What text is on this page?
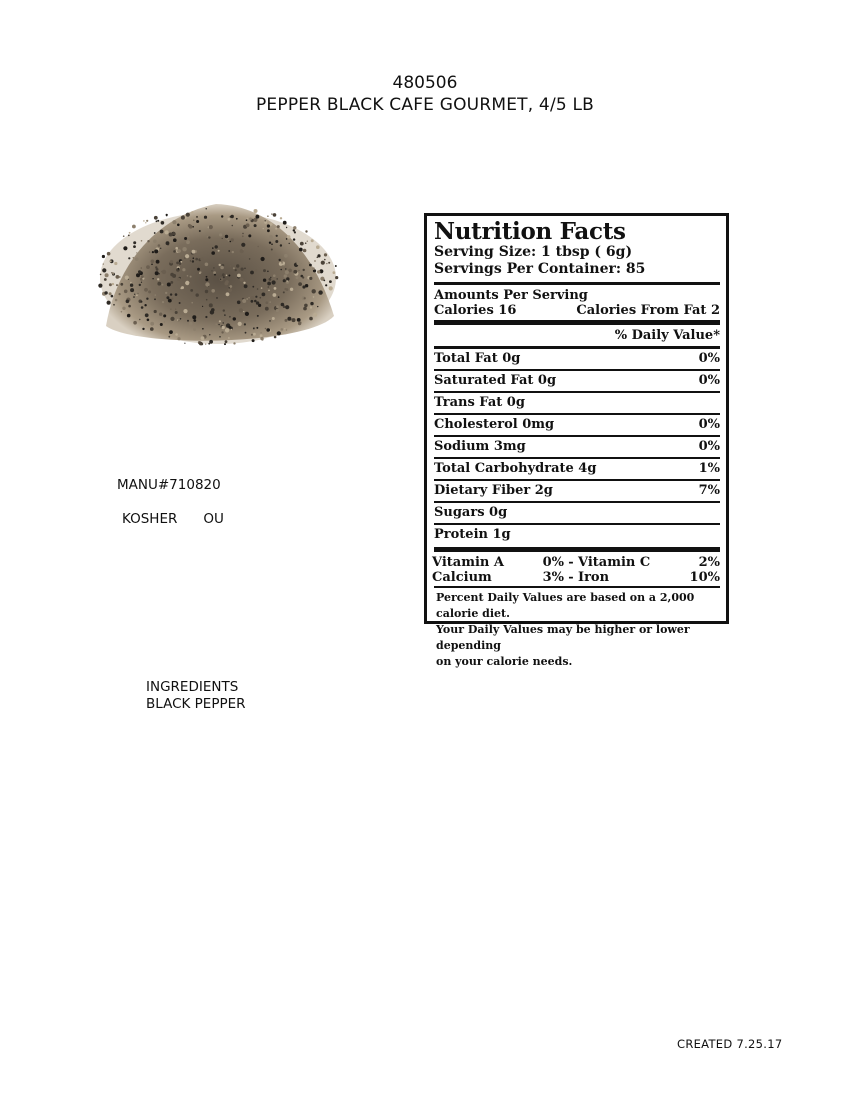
480506
PEPPER BLACK CAFE GOURMET, 4/5 LB
MANU#710820
KOSHER OU
INGREDIENTS
BLACK PEPPER
Nutrition Facts
Serving Size: 1 tbsp ( 6g)
Servings Per Container: 85
Amounts Per Serving
Calories 16	Calories From Fat 2
% Daily Value*
Total Fat 0g	0%
Saturated Fat 0g	0%
Trans Fat 0g
Cholesterol 0mg	0%
Sodium 3mg	0%
Total Carbohydrate 4g	1%
Dietary Fiber 2g	7%
Sugars 0g
Protein 1g
Vitamin A	0% - Vitamin C	2%
Calcium	3% - Iron	10%
Percent Daily Values are based on a 2,000 calorie diet.
Your Daily Values may be higher or lower depending
on your calorie needs.
CREATED 7.25.17
